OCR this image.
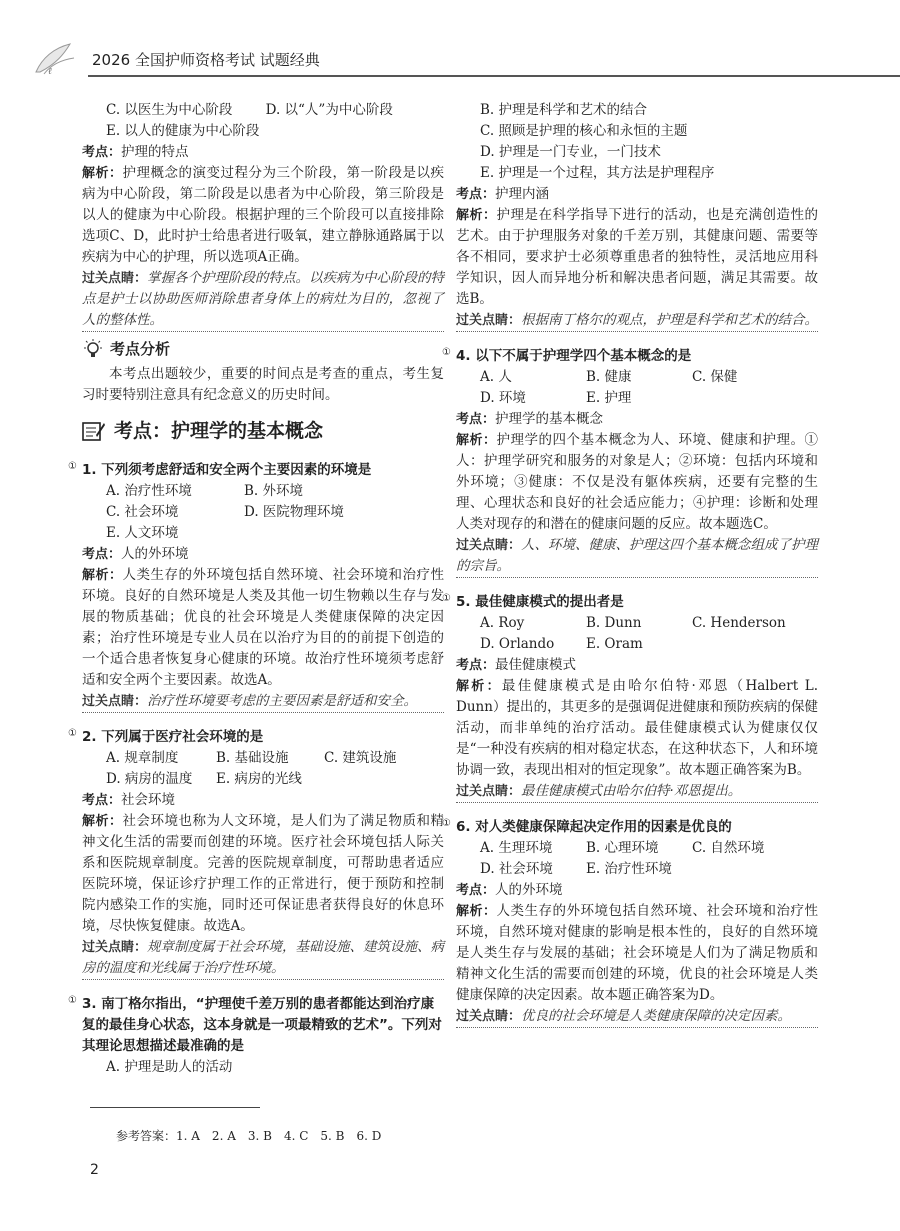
ℓ
2026 全国护师资格考试 试题经典
C. 以医生为中心阶段	D. 以“人”为中心阶段
E. 以人的健康为中心阶段

考点：护理的特点

解析：护理概念的演变过程分为三个阶段，第一阶段是以疾病为中心阶段，第二阶段是以患者为中心阶段，第三阶段是以人的健康为中心阶段。根据护理的三个阶段可以直接排除选项C、D，此时护士给患者进行吸氧，建立静脉通路属于以疾病为中心的护理，所以选项A正确。

过关点睛：掌握各个护理阶段的特点。以疾病为中心阶段的特点是护士以协助医师消除患者身体上的病灶为目的，忽视了人的整体性。

考点分析

本考点出题较少，重要的时间点是考查的重点，考生复习时要特别注意具有纪念意义的历史时间。

考点：护理学的基本概念
① 1. 下列须考虑舒适和安全两个主要因素的环境是
A. 治疗性环境	B. 外环境
C. 社会环境	D. 医院物理环境
E. 人文环境

考点：人的外环境

解析：人类生存的外环境包括自然环境、社会环境和治疗性环境。良好的自然环境是人类及其他一切生物赖以生存与发展的物质基础；优良的社会环境是人类健康保障的决定因素；治疗性环境是专业人员在以治疗为目的的前提下创造的一个适合患者恢复身心健康的环境。故治疗性环境须考虑舒适和安全两个主要因素。故选A。

过关点睛：治疗性环境要考虑的主要因素是舒适和安全。

① 2. 下列属于医疗社会环境的是
A. 规章制度	B. 基础设施	C. 建筑设施
D. 病房的温度	E. 病房的光线

考点：社会环境

解析：社会环境也称为人文环境，是人们为了满足物质和精神文化生活的需要而创建的环境。医疗社会环境包括人际关系和医院规章制度。完善的医院规章制度，可帮助患者适应医院环境，保证诊疗护理工作的正常进行，便于预防和控制院内感染工作的实施，同时还可保证患者获得良好的休息环境，尽快恢复健康。故选A。

过关点睛：规章制度属于社会环境，基础设施、建筑设施、病房的温度和光线属于治疗性环境。

① 3. 南丁格尔指出，“护理使千差万别的患者都能达到治疗康复的最佳身心状态，这本身就是一项最精致的艺术”。下列对其理论思想描述最准确的是
A. 护理是助人的活动
B. 护理是科学和艺术的结合
C. 照顾是护理的核心和永恒的主题
D. 护理是一门专业，一门技术
E. 护理是一个过程，其方法是护理程序

考点：护理内涵

解析：护理是在科学指导下进行的活动，也是充满创造性的艺术。由于护理服务对象的千差万别，其健康问题、需要等各不相同，要求护士必须尊重患者的独特性，灵活地应用科学知识，因人而异地分析和解决患者问题，满足其需要。故选B。

过关点睛：根据南丁格尔的观点，护理是科学和艺术的结合。

① 4. 以下不属于护理学四个基本概念的是
A. 人	B. 健康	C. 保健
D. 环境	E. 护理

考点：护理学的基本概念

解析：护理学的四个基本概念为人、环境、健康和护理。①人：护理学研究和服务的对象是人；②环境：包括内环境和外环境；③健康：不仅是没有躯体疾病，还要有完整的生理、心理状态和良好的社会适应能力；④护理：诊断和处理人类对现存的和潜在的健康问题的反应。故本题选C。

过关点睛：人、环境、健康、护理这四个基本概念组成了护理的宗旨。

① 5. 最佳健康模式的提出者是
A. Roy	B. Dunn	C. Henderson
D. Orlando	E. Oram

考点：最佳健康模式

解析：最佳健康模式是由哈尔伯特·邓恩（Halbert L. Dunn）提出的，其更多的是强调促进健康和预防疾病的保健活动，而非单纯的治疗活动。最佳健康模式认为健康仅仅是“一种没有疾病的相对稳定状态，在这种状态下，人和环境协调一致，表现出相对的恒定现象”。故本题正确答案为B。

过关点睛：最佳健康模式由哈尔伯特·邓恩提出。

① 6. 对人类健康保障起决定作用的因素是优良的
A. 生理环境	B. 心理环境	C. 自然环境
D. 社会环境	E. 治疗性环境

考点：人的外环境

解析：人类生存的外环境包括自然环境、社会环境和治疗性环境，自然环境对健康的影响是根本性的，良好的自然环境是人类生存与发展的基础；社会环境是人们为了满足物质和精神文化生活的需要而创建的环境，优良的社会环境是人类健康保障的决定因素。故本题正确答案为D。

过关点睛：优良的社会环境是人类健康保障的决定因素。

参考答案：1. A　2. A　3. B　4. C　5. B　6. D
2
